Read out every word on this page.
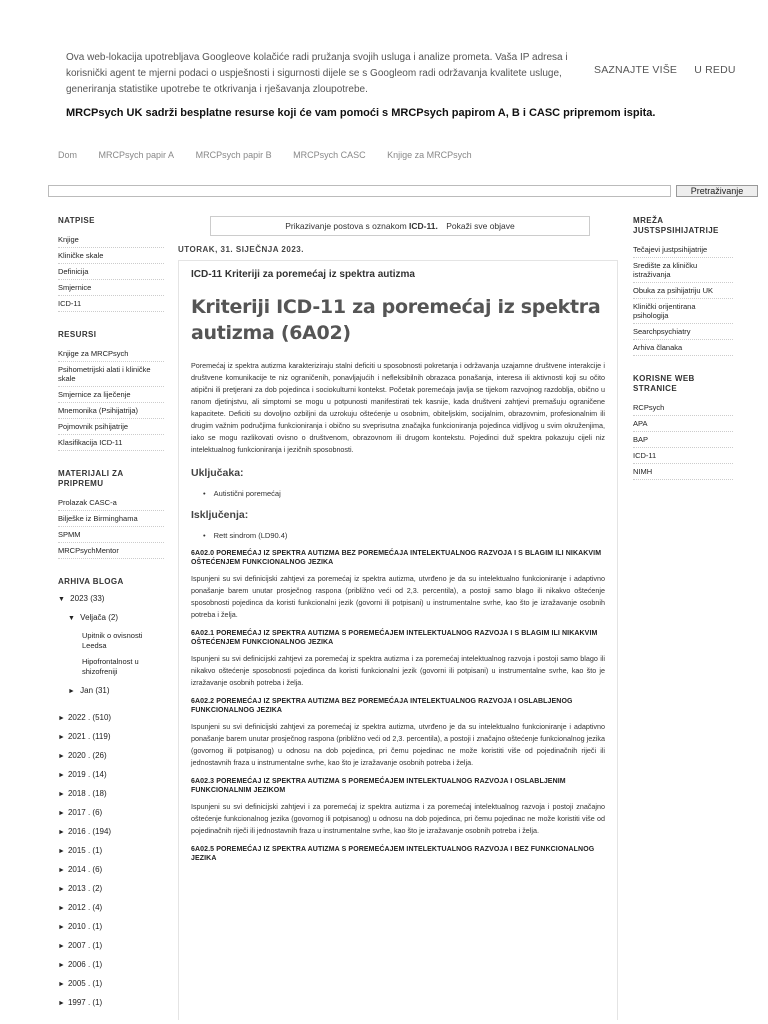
Ova web-lokacija upotrebljava Googleove kolačiće radi pružanja svojih usluga i analize prometa. Vaša IP adresa i korisnički agent te mjerni podaci o uspješnosti i sigurnosti dijele se s Googleom radi održavanja kvalitete usluge, generiranja statistike upotrebe te otkrivanja i rješavanja zloupotrebe.
SAZNAJTE VIŠE U REDU
MRCPsych UK sadrži besplatne resurse koji će vam pomoći s MRCPsych papirom A, B i CASC pripremom ispita.
Dom MRCPsych papir A MRCPsych papir B MRCPsych CASC Knjige za MRCPsych
Pretraživanje
NATPISE
Knjige
Kliničke skale
Definicija
Smjernice
ICD-11
RESURSI
Knjige za MRCPsych
Psihometrijski alati i kliničke skale
Smjernice za liječenje
Mnemonika (Psihijatrija)
Pojmovnik psihijatrije
Klasifikacija ICD-11
MATERIJALI ZA PRIPREMU
Prolazak CASC-a
Bilješke iz Birminghama
SPMM
MRCPsychMentor
ARHIVA BLOGA
▼ 2023 (33)
▼ Veljača (2)
Upitnik o ovisnosti Leedsa
Hipofrontalnost u shizofreniji
► Jan (31)
► 2022 . (510)
► 2021 . (119)
► 2020 . (26)
► 2019 . (14)
► 2018 . (18)
► 2017 . (6)
► 2016 . (194)
► 2015 . (1)
► 2014 . (6)
► 2013 . (2)
► 2012 . (4)
► 2010 . (1)
► 2007 . (1)
► 2006 . (1)
► 2005 . (1)
► 1997 . (1)
Prikazivanje postova s oznakom ICD-11. Pokaži sve objave
UTORAK, 31. SIJEČNJA 2023.
ICD-11 Kriteriji za poremećaj iz spektra autizma
Kriteriji ICD-11 za poremećaj iz spektra autizma (6A02)
Poremećaj iz spektra autizma karakteriziraju stalni deficiti u sposobnosti pokretanja i održavanja uzajamne društvene interakcije i društvene komunikacije te niz ograničenih, ponavljajućih i nefleksibilnih obrazaca ponašanja, interesa ili aktivnosti koji su očito atipični ili pretjerani za dob pojedinca i sociokulturni kontekst. Početak poremećaja javlja se tijekom razvojnog razdoblja, obično u ranom djetinjstvu, ali simptomi se mogu u potpunosti manifestirati tek kasnije, kada društveni zahtjevi premašuju ograničene kapacitete. Deficiti su dovoljno ozbiljni da uzrokuju oštećenje u osobnim, obiteljskim, socijalnim, obrazovnim, profesionalnim ili drugim važnim područjima funkcioniranja i obično su sveprisutna značajka funkcioniranja pojedinca vidljivog u svim okruženjima, iako se mogu razlikovati ovisno o društvenom, obrazovnom ili drugom kontekstu. Pojedinci duž spektra pokazuju cijeli niz intelektualnog funkcioniranja i jezičnih sposobnosti.
Uključaka:
• Autistični poremećaj
Isključenja:
• Rett sindrom (LD90.4)
6A02.0 POREMEĆAJ IZ SPEKTRA AUTIZMA BEZ POREMEĆAJA INTELEKTUALNOG RAZVOJA I S BLAGIM ILI NIKAKVIM OŠTEĆENJEM FUNKCIONALNOG JEZIKA
Ispunjeni su svi definicijski zahtjevi za poremećaj iz spektra autizma, utvrđeno je da su intelektualno funkcioniranje i adaptivno ponašanje barem unutar prosječnog raspona (približno veći od 2,3. percentila), a postoji samo blago ili nikakvo oštećenje sposobnosti pojedinca da koristi funkcionalni jezik (govorni ili potpisani) u instrumentalne svrhe, kao što je izražavanje osobnih potreba i želja.
6A02.1 POREMEĆAJ IZ SPEKTRA AUTIZMA S POREMEĆAJEM INTELEKTUALNOG RAZVOJA I S BLAGIM ILI NIKAKVIM OŠTEĆENJEM FUNKCIONALNOG JEZIKA
Ispunjeni su svi definicijski zahtjevi za poremećaj iz spektra autizma i za poremećaj intelektualnog razvoja i postoji samo blago ili nikakvo oštećenje sposobnosti pojedinca da koristi funkcionalni jezik (govorni ili potpisani) u instrumentalne svrhe, kao što je izražavanje osobnih potreba i želja.
6A02.2 POREMEĆAJ IZ SPEKTRA AUTIZMA BEZ POREMEĆAJA INTELEKTUALNOG RAZVOJA I OSLABLJENOG FUNKCIONALNOG JEZIKA
Ispunjeni su svi definicijski zahtjevi za poremećaj iz spektra autizma, utvrđeno je da su intelektualno funkcioniranje i adaptivno ponašanje barem unutar prosječnog raspona (približno veći od 2,3. percentila), a postoji i značajno oštećenje funkcionalnog jezika (govornog ili potpisanog) u odnosu na dob pojedinca, pri čemu pojedinac ne može koristiti više od pojedinačnih riječi ili jednostavnih fraza u instrumentalne svrhe, kao što je izražavanje osobnih potreba i želja.
6A02.3 POREMEĆAJ IZ SPEKTRA AUTIZMA S POREMEĆAJEM INTELEKTUALNOG RAZVOJA I OSLABLJENIM FUNKCIONALNIM JEZIKOM
Ispunjeni su svi definicijski zahtjevi i za poremećaj iz spektra autizma i za poremećaj intelektualnog razvoja i postoji značajno oštećenje funkcionalnog jezika (govornog ili potpisanog) u odnosu na dob pojedinca, pri čemu pojedinac ne može koristiti više od pojedinačnih riječi ili jednostavnih fraza u instrumentalne svrhe, kao što je izražavanje osobnih potreba i želja.
6A02.5 POREMEĆAJ IZ SPEKTRA AUTIZMA S POREMEĆAJEM INTELEKTUALNOG RAZVOJA I BEZ FUNKCIONALNOG JEZIKA
MREŽA JUSTSPSIHIJATRIJE
Tečajevi justpsihijatrije
Središte za kliničku istraživanja
Obuka za psihijatriju UK
Klinički orijentirana psihologija
Searchpsychiatry
Arhiva članaka
KORISNE WEB STRANICE
RCPsych
APA
BAP
ICD-11
NIMH
